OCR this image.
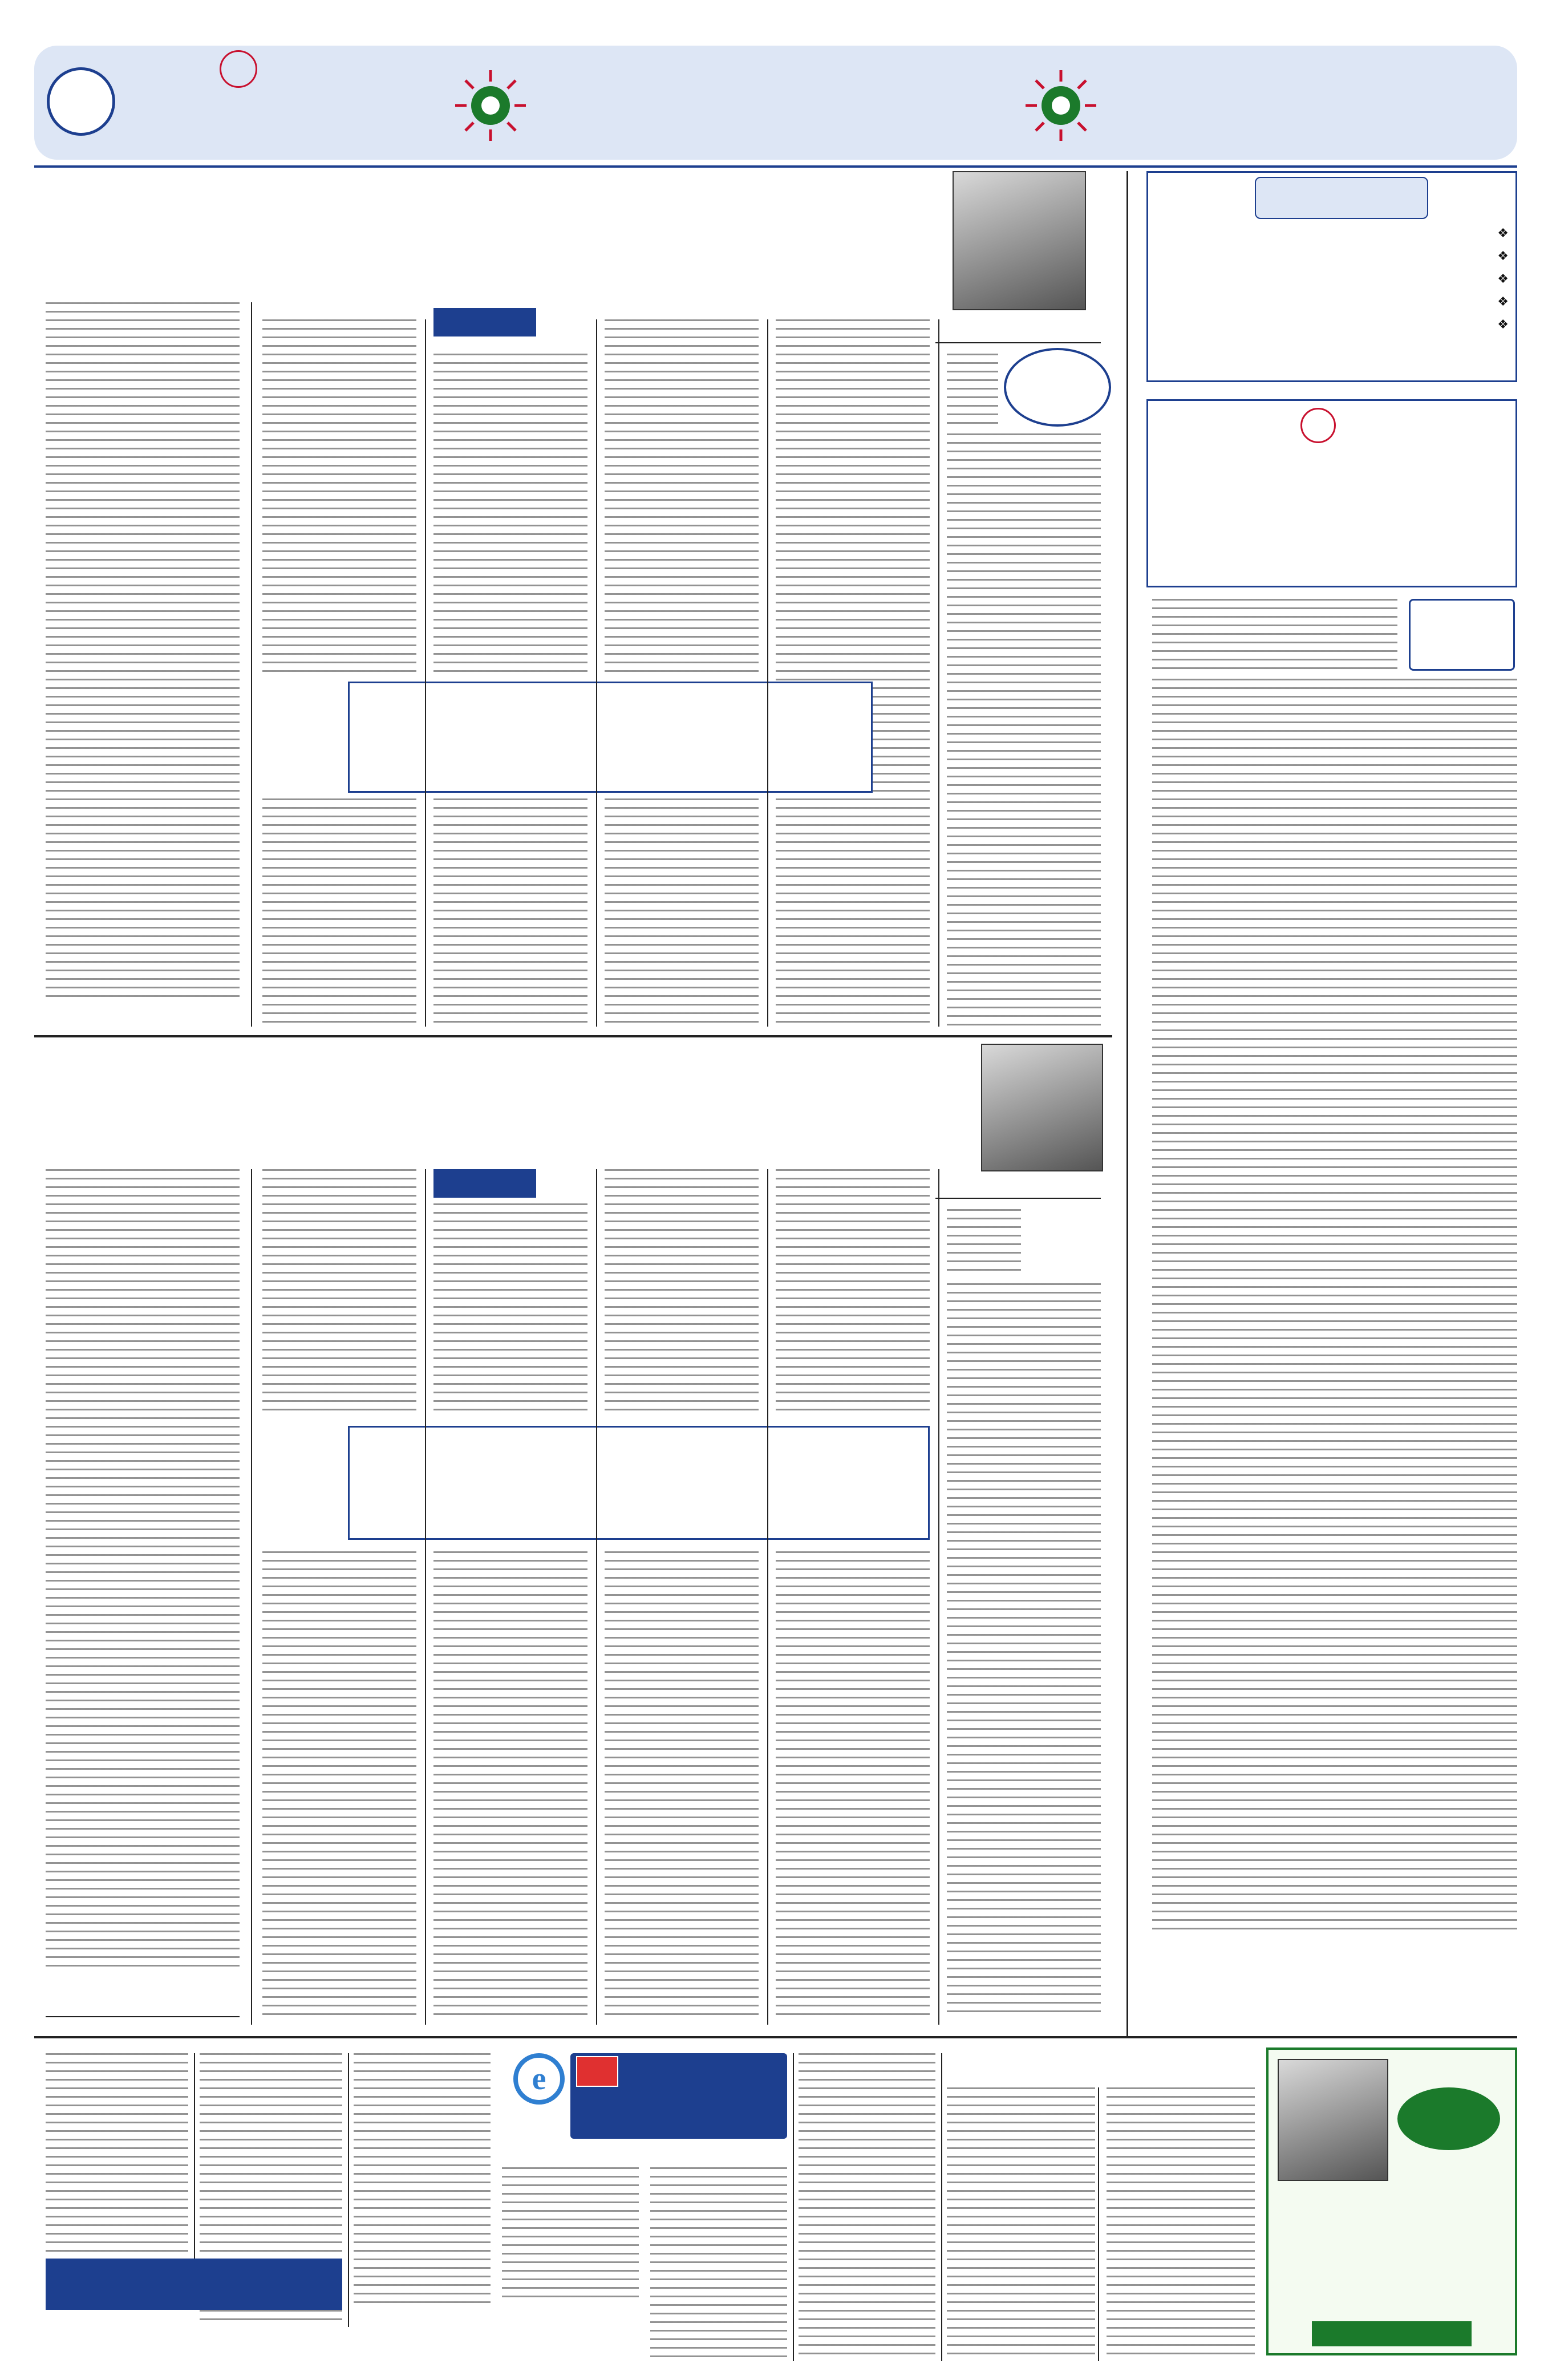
❖
❖
❖
❖
❖
e
